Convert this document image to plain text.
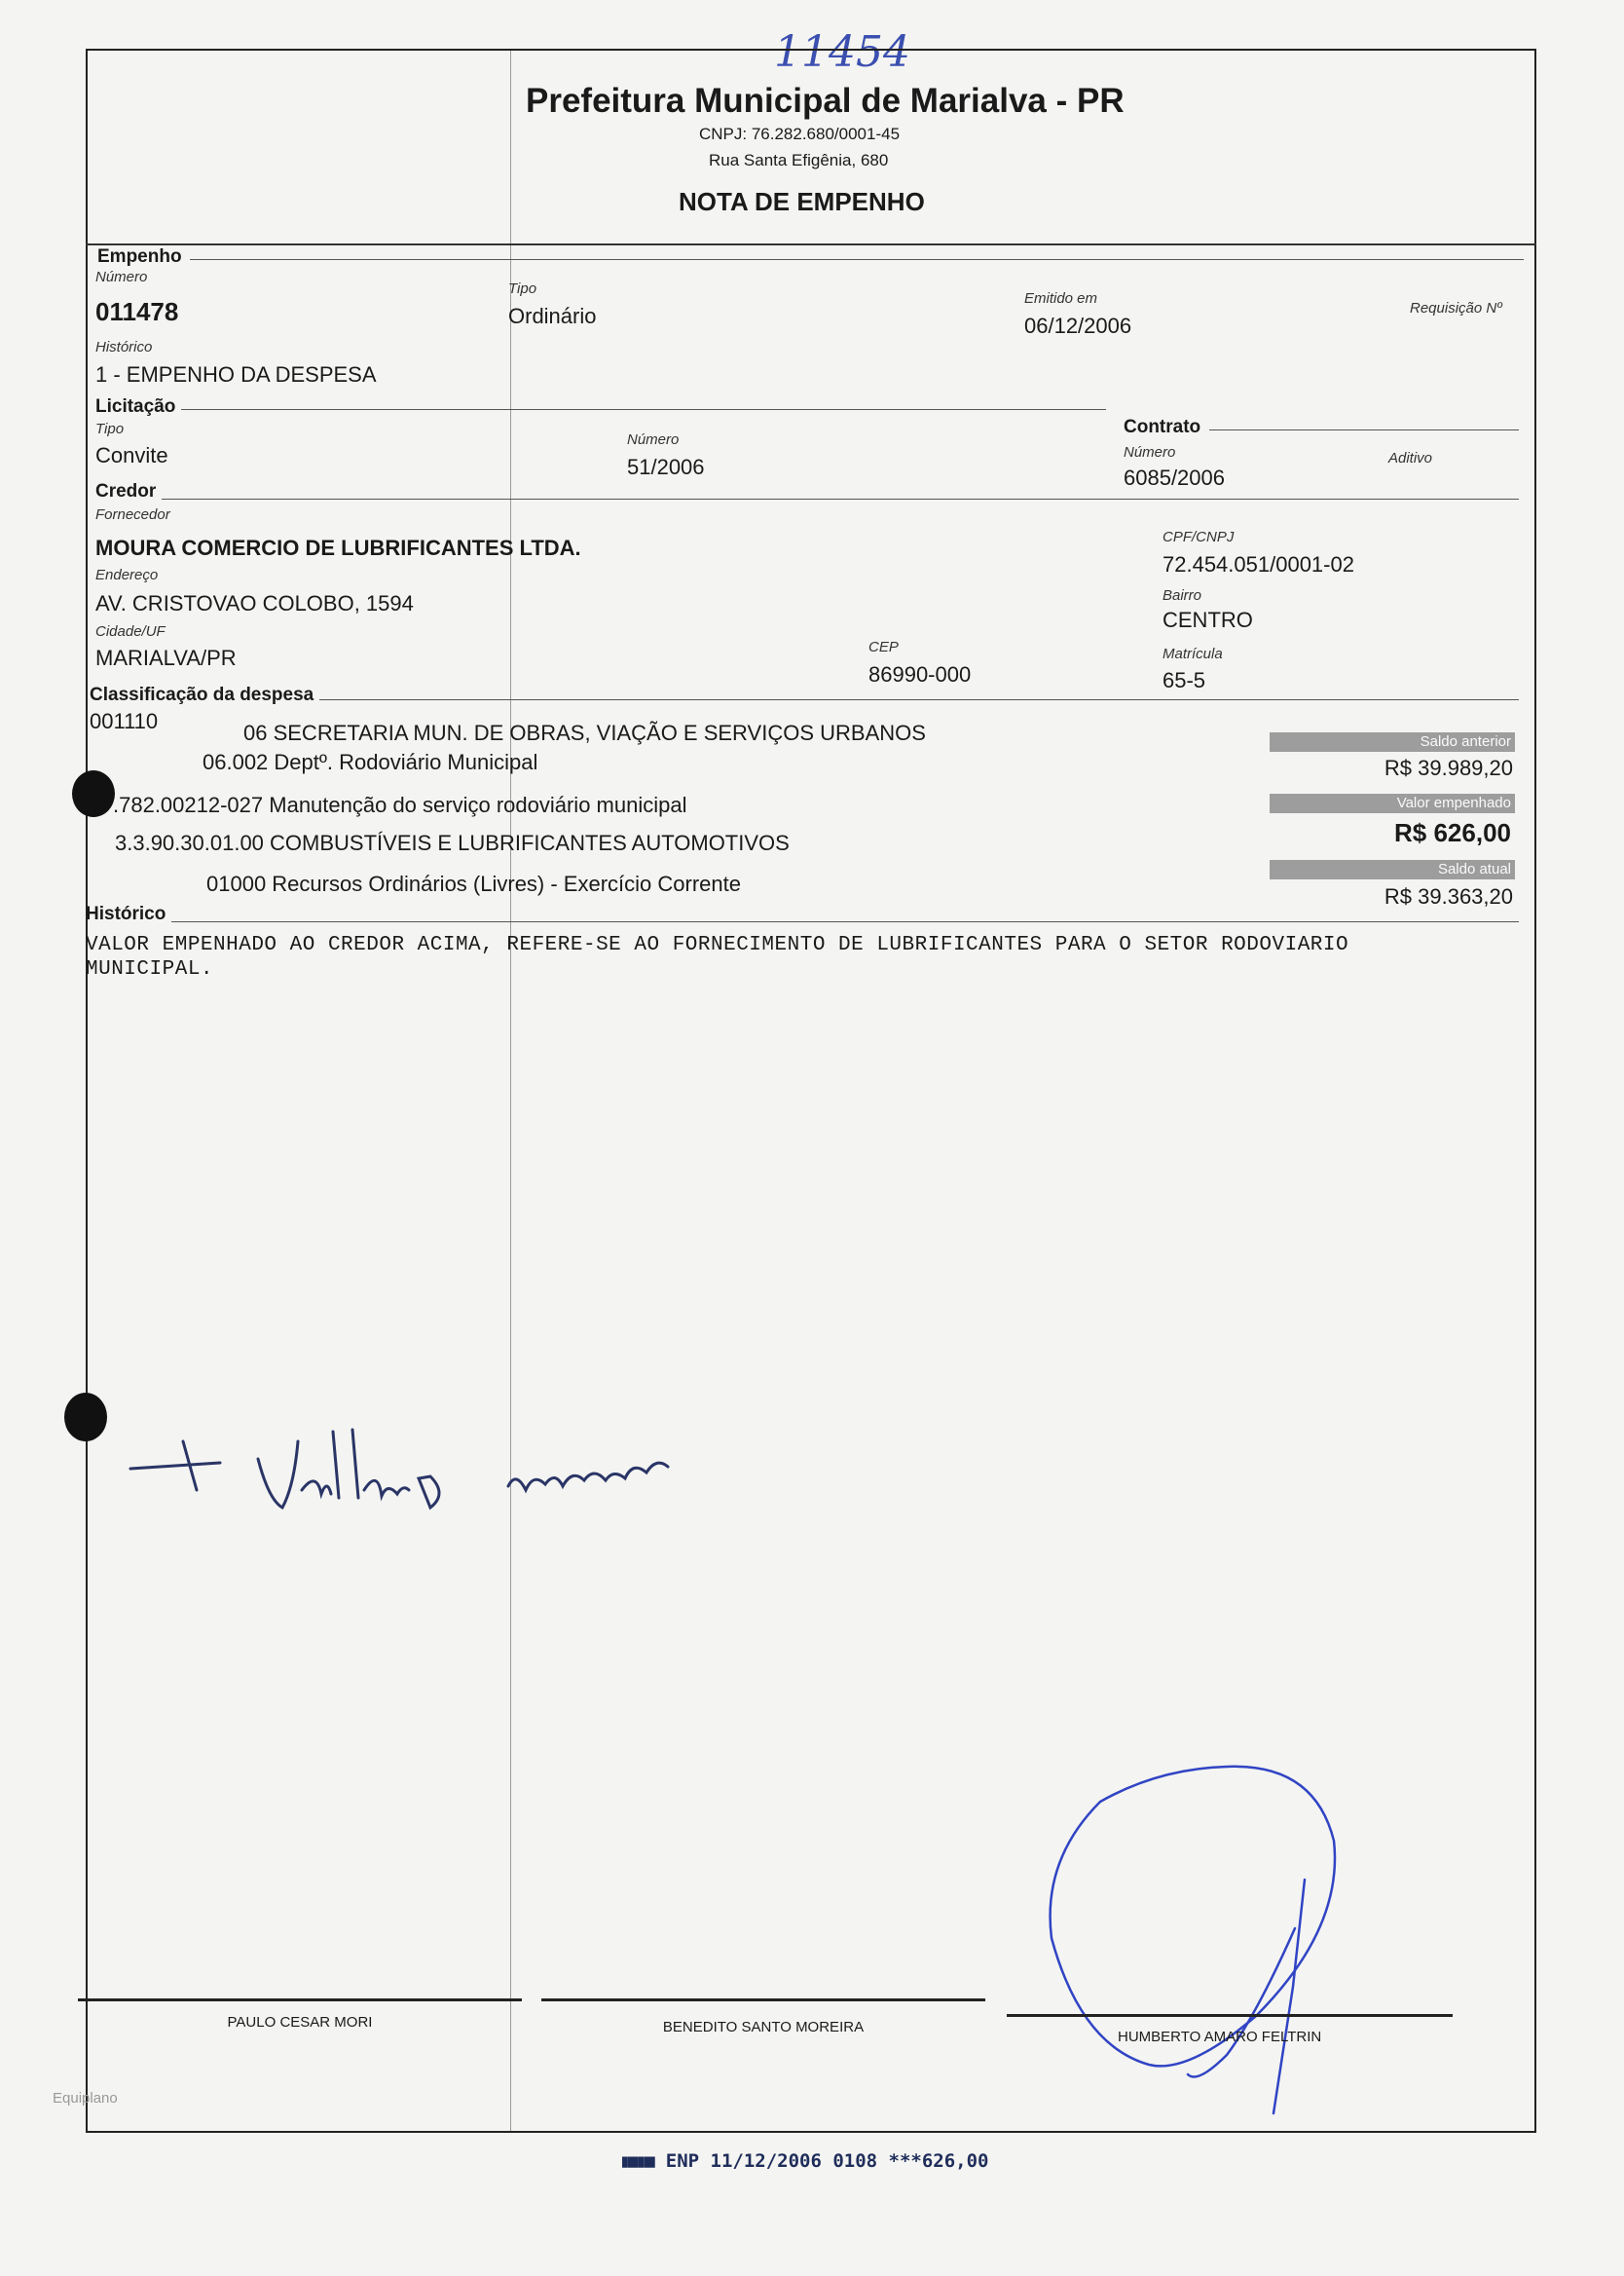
11454
Prefeitura Municipal de Marialva - PR
CNPJ: 76.282.680/0001-45
Rua Santa Efigênia, 680
NOTA DE EMPENHO
Empenho
Número
011478
Tipo
Ordinário
Emitido em
06/12/2006
Requisição Nº
Histórico
1 - EMPENHO DA DESPESA
Licitação
Tipo
Convite
Número
51/2006
Contrato
Número
6085/2006
Aditivo
Credor
Fornecedor
MOURA COMERCIO DE LUBRIFICANTES LTDA.	CPF/CNPJ
72.454.051/0001-02
Endereço
AV. CRISTOVAO COLOBO, 1594	Bairro
CENTRO
Cidade/UF
MARIALVA/PR	CEP
86990-000
Matrícula
65-5
Classificação da despesa
001110	06 SECRETARIA MUN. DE OBRAS, VIAÇÃO E SERVIÇOS URBANOS
06.002 Deptº. Rodoviário Municipal
.782.00212-027 Manutenção do serviço rodoviário municipal
3.3.90.30.01.00 COMBUSTÍVEIS E LUBRIFICANTES AUTOMOTIVOS
01000 Recursos Ordinários (Livres) - Exercício Corrente
Saldo anterior
R$ 39.989,20
Valor empenhado
R$ 626,00
Saldo atual
R$ 39.363,20
Histórico
VALOR EMPENHADO AO CREDOR ACIMA, REFERE-SE AO FORNECIMENTO DE LUBRIFICANTES PARA O SETOR RODOVIARIO
MUNICIPAL.
PAULO CESAR MORI	BENEDITO SANTO MOREIRA
HUMBERTO AMARO FELTRIN
Equiplano
▮■▮■ ENP 11/12/2006 0108 ***626,00
